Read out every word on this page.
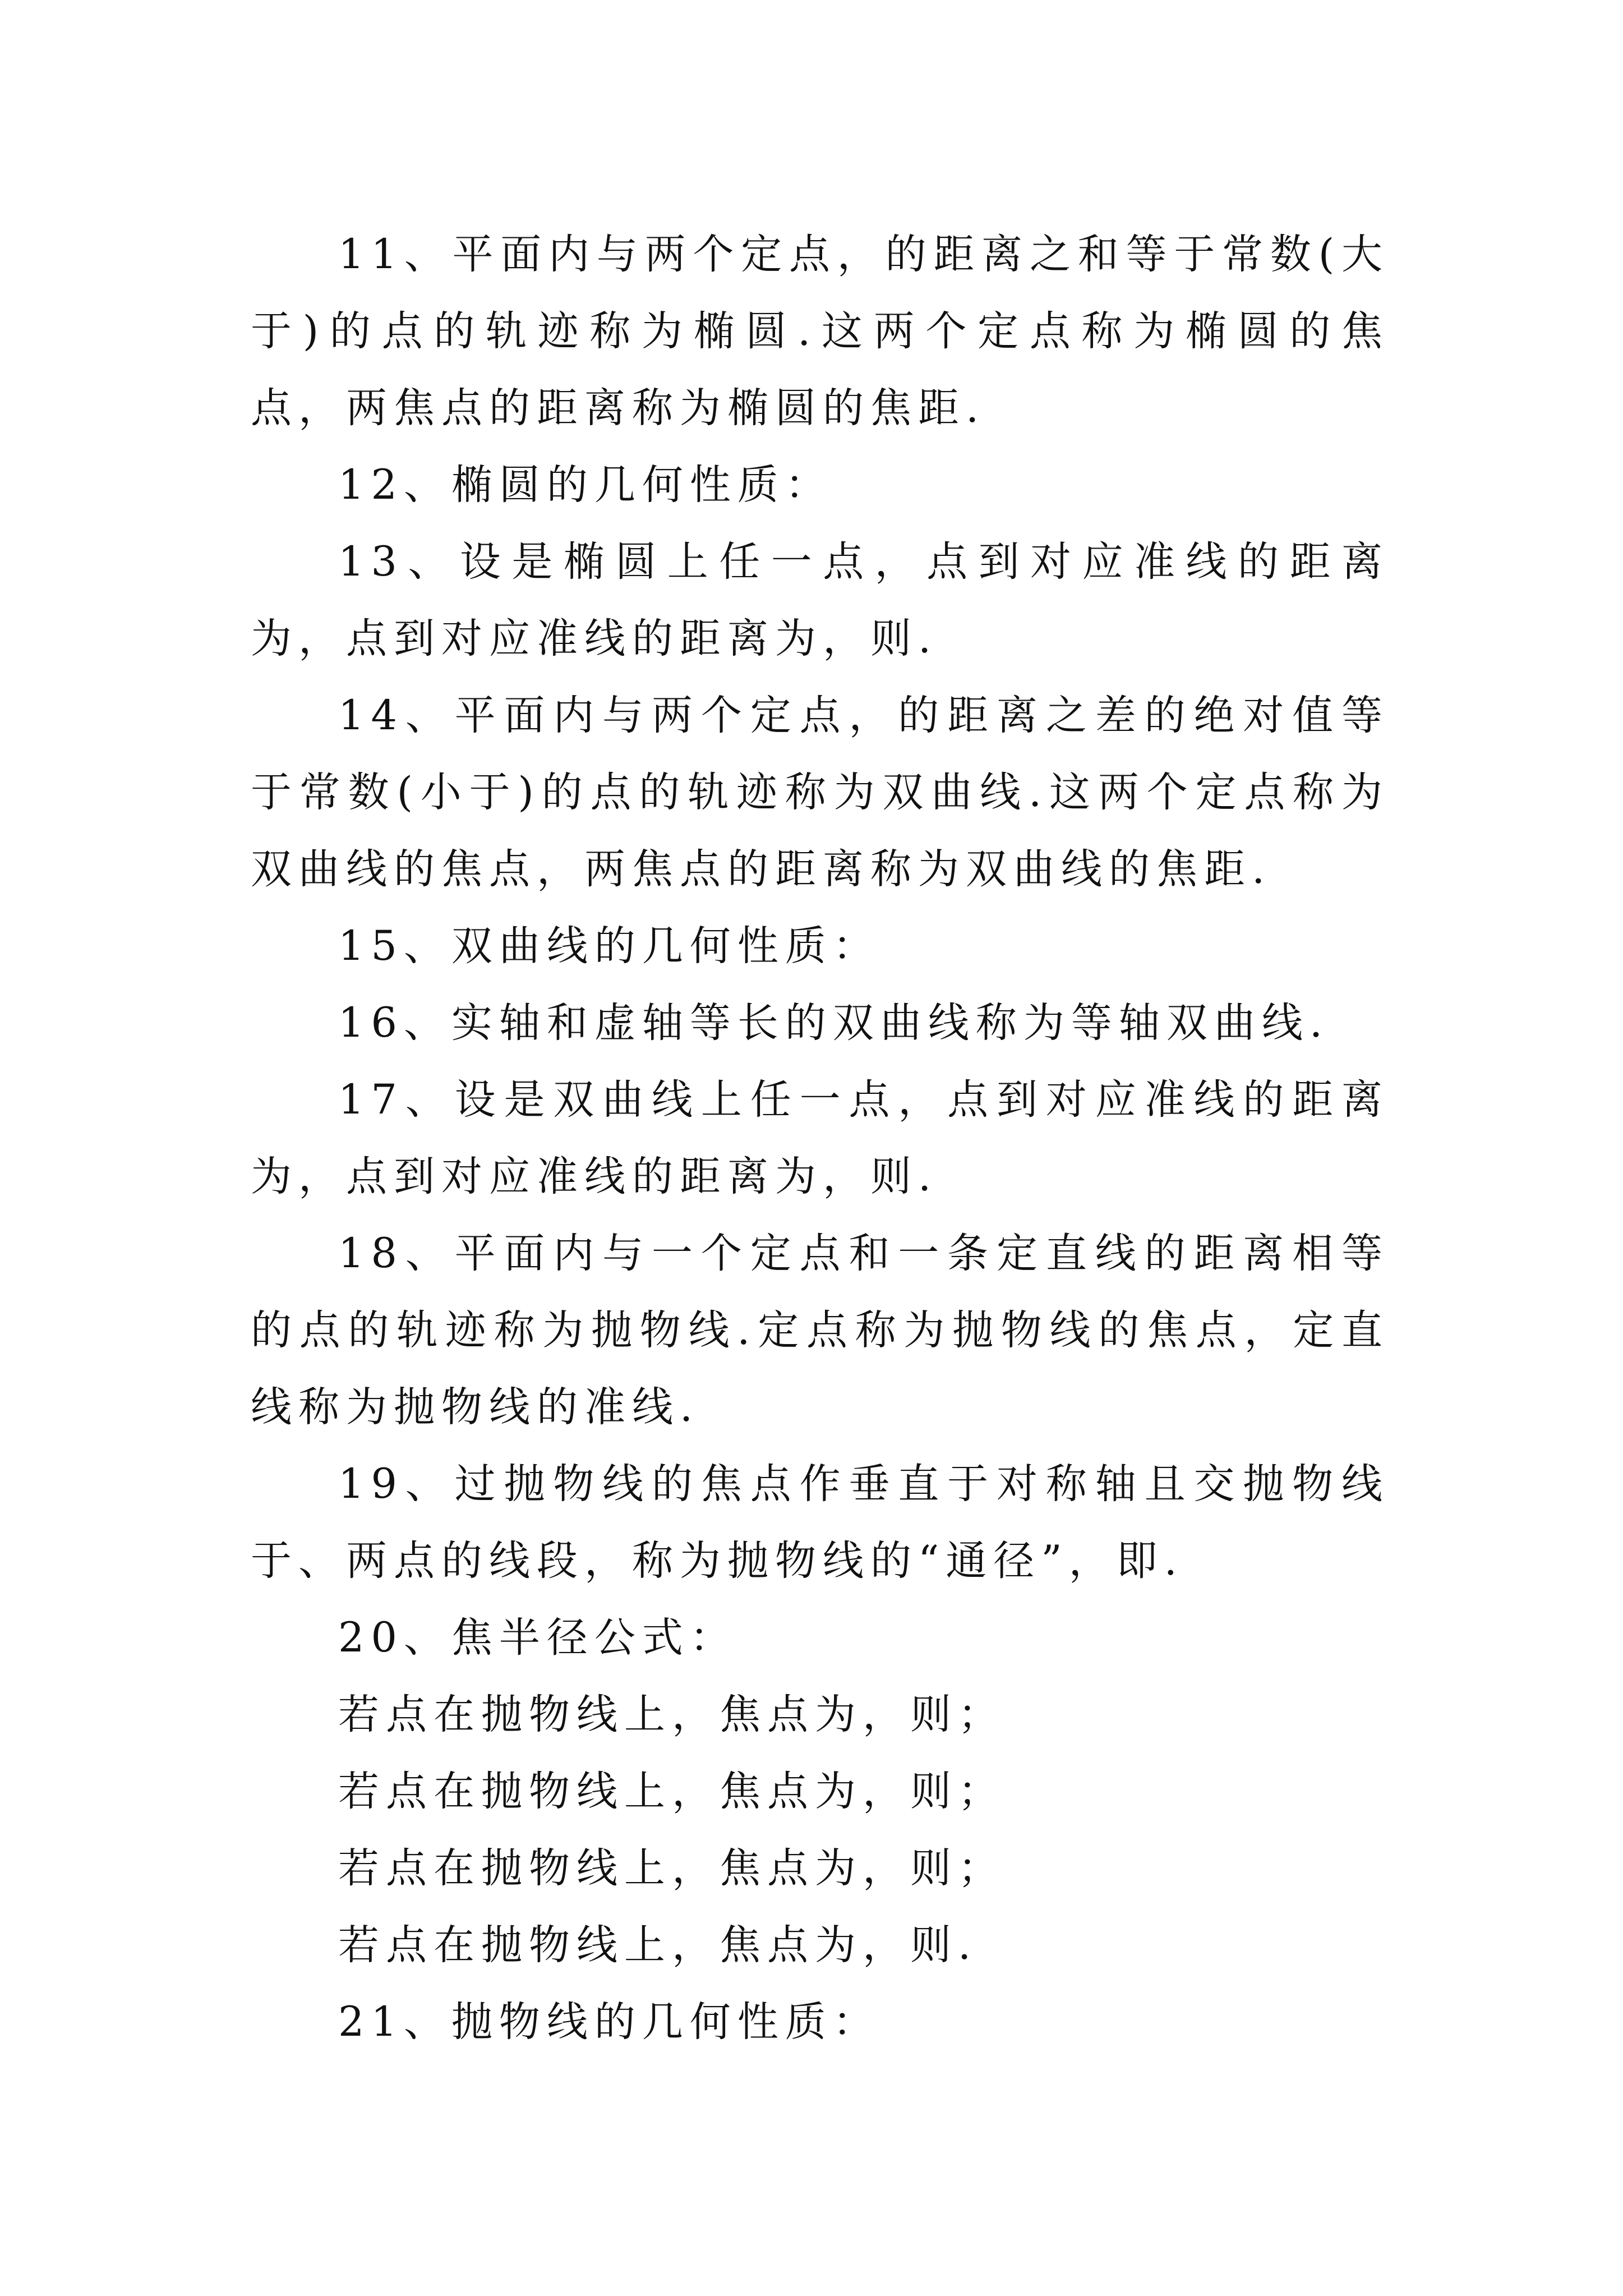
11、平面内与两个定点，的距离之和等于常数(大于)的点的轨迹称为椭圆.这两个定点称为椭圆的焦点，两焦点的距离称为椭圆的焦距.

12、椭圆的几何性质：

13、设是椭圆上任一点，点到对应准线的距离为，点到对应准线的距离为，则.

14、平面内与两个定点，的距离之差的绝对值等于常数(小于)的点的轨迹称为双曲线.这两个定点称为双曲线的焦点，两焦点的距离称为双曲线的焦距.

15、双曲线的几何性质：

16、实轴和虚轴等长的双曲线称为等轴双曲线.

17、设是双曲线上任一点，点到对应准线的距离为，点到对应准线的距离为，则.

18、平面内与一个定点和一条定直线的距离相等的点的轨迹称为抛物线.定点称为抛物线的焦点，定直线称为抛物线的准线.

19、过抛物线的焦点作垂直于对称轴且交抛物线于、两点的线段，称为抛物线的“通径”，即.

20、焦半径公式：

若点在抛物线上，焦点为，则；

若点在抛物线上，焦点为，则；

若点在抛物线上，焦点为，则；

若点在抛物线上，焦点为，则.

21、抛物线的几何性质：
